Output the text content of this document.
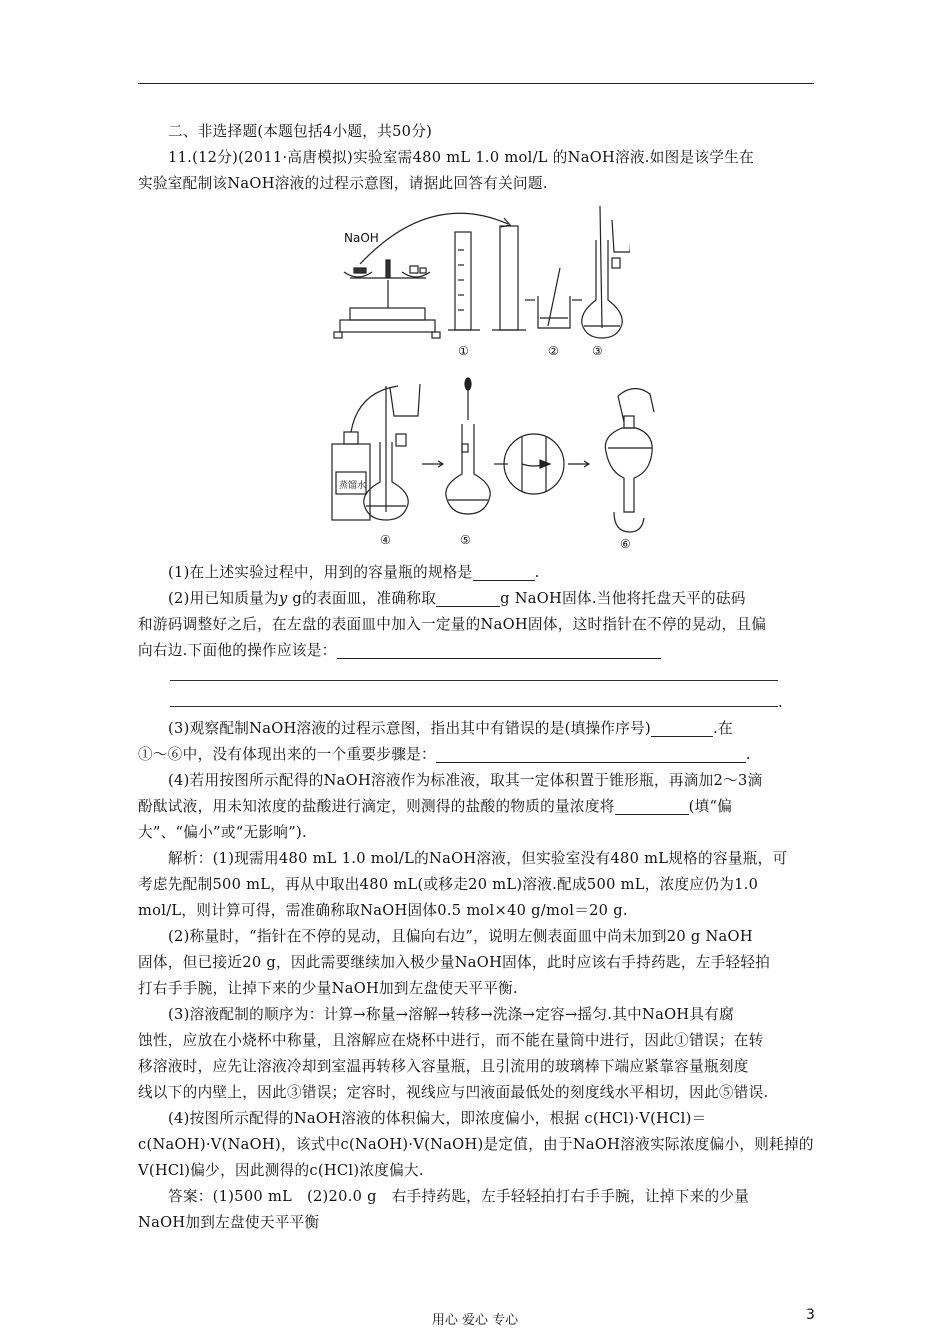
二、非选择题(本题包括4小题，共50分)
11.(12分)(2011·高唐模拟)实验室需480 mL 1.0 mol/L 的NaOH溶液.如图是该学生在
实验室配制该NaOH溶液的过程示意图，请据此回答有关问题.
NaOH
①	②	③
蒸馏水
④	⑤	⑥
(1)在上述实验过程中，用到的容量瓶的规格是	.
(2)用已知质量为y g的表面皿，准确称取	g NaOH固体.当他将托盘天平的砝码
和游码调整好之后，在左盘的表面皿中加入一定量的NaOH固体，这时指针在不停的晃动，且偏
向右边.下面他的操作应该是：
.
(3)观察配制NaOH溶液的过程示意图，指出其中有错误的是(填操作序号)	.在
①～⑥中，没有体现出来的一个重要步骤是：	.
(4)若用按图所示配得的NaOH溶液作为标准液，取其一定体积置于锥形瓶，再滴加2～3滴
酚酞试液，用未知浓度的盐酸进行滴定，则测得的盐酸的物质的量浓度将	(填“偏
大”、“偏小”或“无影响”).
解析：(1)现需用480 mL 1.0 mol/L的NaOH溶液，但实验室没有480 mL规格的容量瓶，可
考虑先配制500 mL，再从中取出480 mL(或移走20 mL)溶液.配成500 mL，浓度应仍为1.0
mol/L，则计算可得，需准确称取NaOH固体0.5 mol×40 g/mol＝20 g.
(2)称量时，“指针在不停的晃动，且偏向右边”，说明左侧表面皿中尚未加到20 g NaOH
固体，但已接近20 g，因此需要继续加入极少量NaOH固体，此时应该右手持药匙，左手轻轻拍
打右手手腕，让掉下来的少量NaOH加到左盘使天平平衡.
(3)溶液配制的顺序为：计算→称量→溶解→转移→洗涤→定容→摇匀.其中NaOH具有腐
蚀性，应放在小烧杯中称量，且溶解应在烧杯中进行，而不能在量筒中进行，因此①错误；在转
移溶液时，应先让溶液冷却到室温再转移入容量瓶，且引流用的玻璃棒下端应紧靠容量瓶刻度
线以下的内壁上，因此③错误；定容时，视线应与凹液面最低处的刻度线水平相切，因此⑤错误.
(4)按图所示配得的NaOH溶液的体积偏大，即浓度偏小，根据 c(HCl)·V(HCl)＝
c(NaOH)·V(NaOH)，该式中c(NaOH)·V(NaOH)是定值，由于NaOH溶液实际浓度偏小，则耗掉的
V(HCl)偏少，因此测得的c(HCl)浓度偏大.
答案：(1)500 mL　(2)20.0 g　右手持药匙，左手轻轻拍打右手手腕，让掉下来的少量
NaOH加到左盘使天平平衡
用心 爱心 专心	3
